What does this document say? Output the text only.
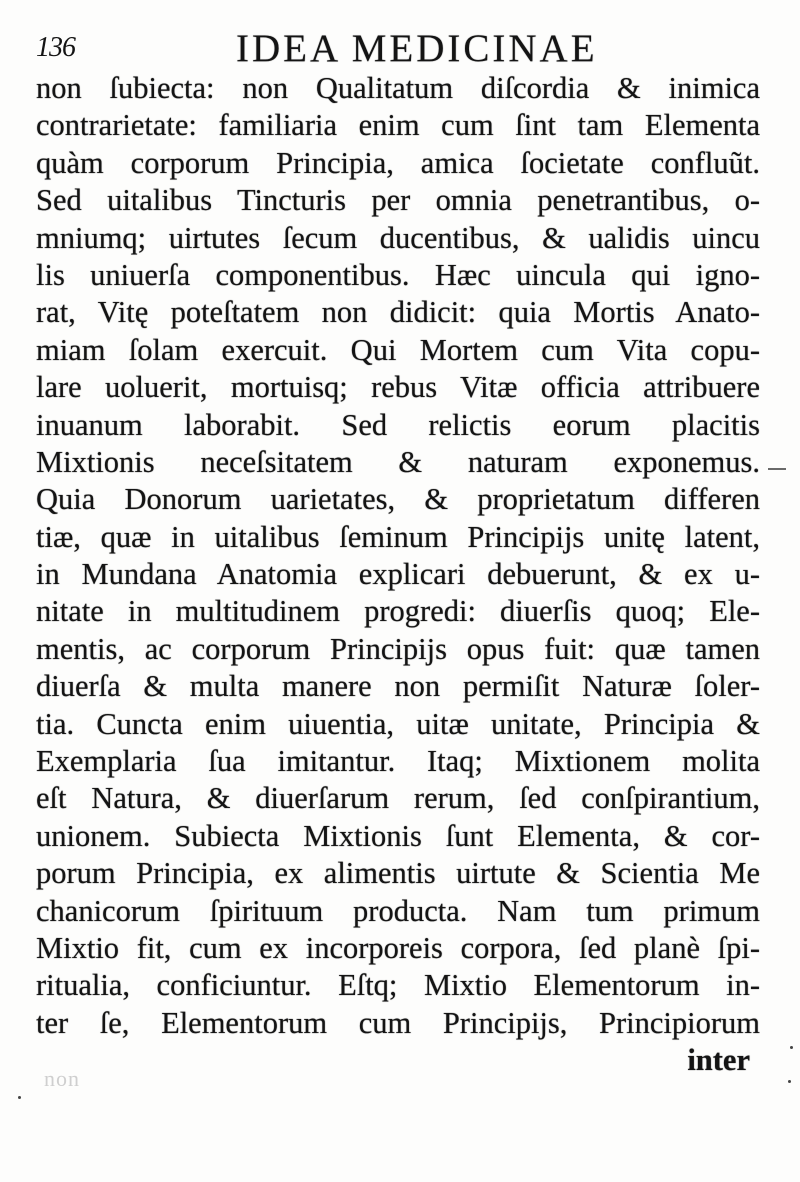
136	IDEA MEDICINAE
non ſubiecta: non Qualitatum diſcordia & inimica
contrarietate: familiaria enim cum ſint tam Elementa
quàm corporum Principia, amica ſocietate confluũt.
Sed uitalibus Tincturis per omnia penetrantibus, o-
mniumq; uirtutes ſecum ducentibus, & ualidis uincu
lis uniuerſa componentibus. Hæc uincula qui igno-
rat, Vitę poteſtatem non didicit: quia Mortis Anato-
miam ſolam exercuit. Qui Mortem cum Vita copu-
lare uoluerit, mortuisq; rebus Vitæ officia attribuere
inuanum laborabit. Sed relictis eorum placitis
Mixtionis neceſsitatem & naturam exponemus.
Quia Donorum uarietates, & proprietatum differen
tiæ, quæ in uitalibus ſeminum Principijs unitę latent,
in Mundana Anatomia explicari debuerunt, & ex u-
nitate in multitudinem progredi: diuerſis quoq; Ele-
mentis, ac corporum Principijs opus fuit: quæ tamen
diuerſa & multa manere non permiſit Naturæ ſoler-
tia. Cuncta enim uiuentia, uitæ unitate, Principia &
Exemplaria ſua imitantur. Itaq; Mixtionem molita
eſt Natura, & diuerſarum rerum, ſed conſpirantium,
unionem. Subiecta Mixtionis ſunt Elementa, & cor-
porum Principia, ex alimentis uirtute & Scientia Me
chanicorum ſpirituum producta. Nam tum primum
Mixtio fit, cum ex incorporeis corpora, ſed planè ſpi-
ritualia, conficiuntur. Eſtq; Mixtio Elementorum in-
ter ſe, Elementorum cum Principijs, Principiorum
inter
non
